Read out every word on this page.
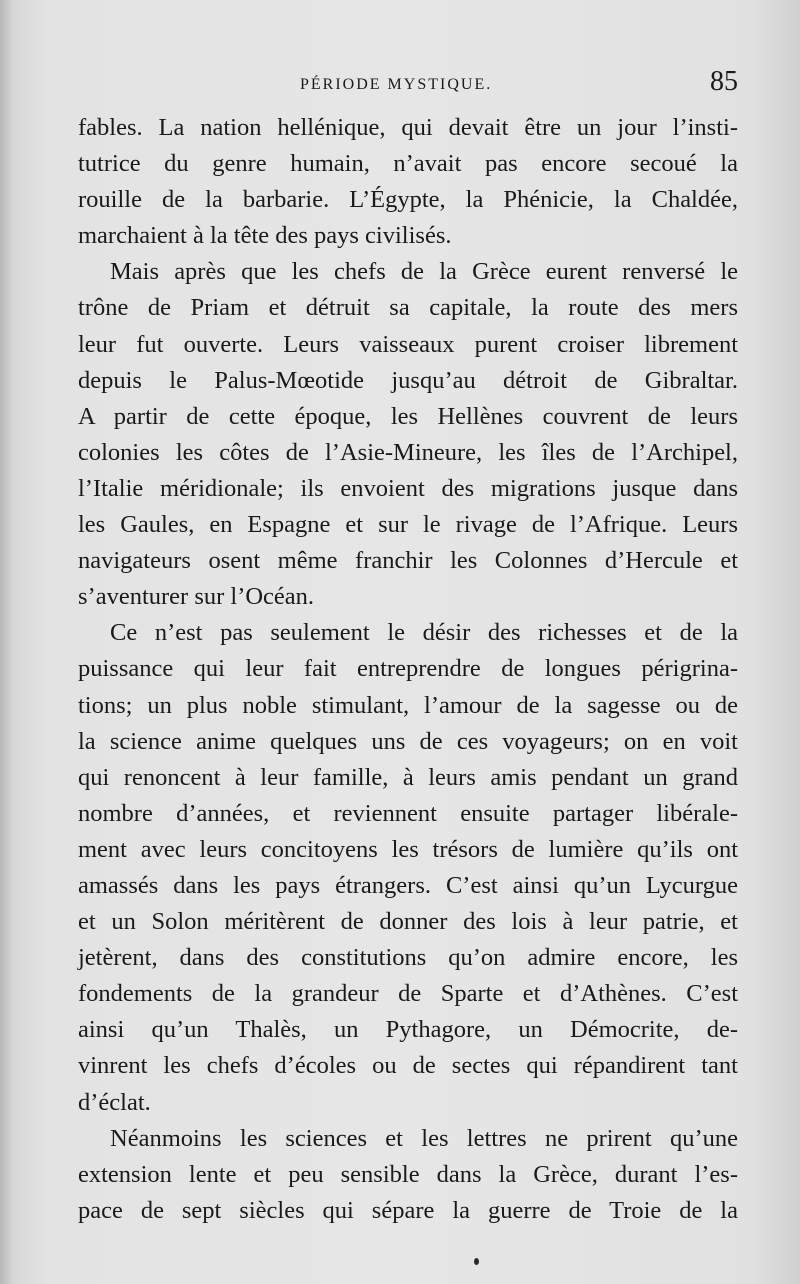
PÉRIODE MYSTIQUE.	85

fables. La nation hellénique, qui devait être un jour l’insti-
tutrice du genre humain, n’avait pas encore secoué la
rouille de la barbarie. L’Égypte, la Phénicie, la Chaldée,
marchaient à la tête des pays civilisés.

Mais après que les chefs de la Grèce eurent renversé le
trône de Priam et détruit sa capitale, la route des mers
leur fut ouverte. Leurs vaisseaux purent croiser librement
depuis le Palus-Mœotide jusqu’au détroit de Gibraltar.
A partir de cette époque, les Hellènes couvrent de leurs
colonies les côtes de l’Asie-Mineure, les îles de l’Archipel,
l’Italie méridionale; ils envoient des migrations jusque dans
les Gaules, en Espagne et sur le rivage de l’Afrique. Leurs
navigateurs osent même franchir les Colonnes d’Hercule et
s’aventurer sur l’Océan.

Ce n’est pas seulement le désir des richesses et de la
puissance qui leur fait entreprendre de longues périgrina-
tions; un plus noble stimulant, l’amour de la sagesse ou de
la science anime quelques uns de ces voyageurs; on en voit
qui renoncent à leur famille, à leurs amis pendant un grand
nombre d’années, et reviennent ensuite partager libérale-
ment avec leurs concitoyens les trésors de lumière qu’ils ont
amassés dans les pays étrangers. C’est ainsi qu’un Lycurgue
et un Solon méritèrent de donner des lois à leur patrie, et
jetèrent, dans des constitutions qu’on admire encore, les
fondements de la grandeur de Sparte et d’Athènes. C’est
ainsi qu’un Thalès, un Pythagore, un Démocrite, de-
vinrent les chefs d’écoles ou de sectes qui répandirent tant
d’éclat.

Néanmoins les sciences et les lettres ne prirent qu’une
extension lente et peu sensible dans la Grèce, durant l’es-
pace de sept siècles qui sépare la guerre de Troie de la
